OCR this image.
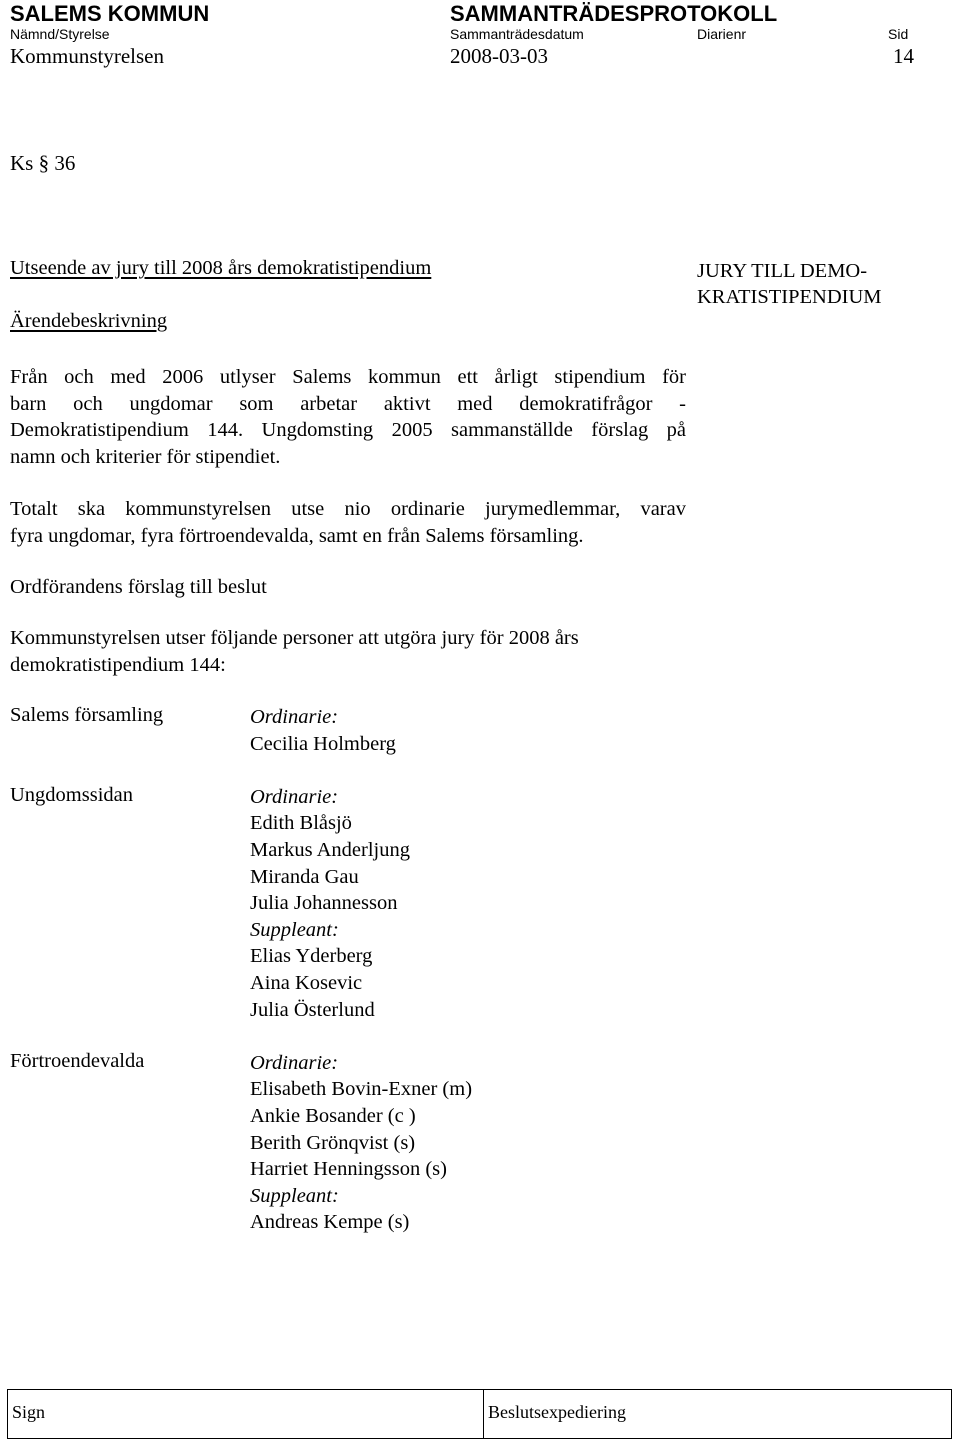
SALEMS KOMMUN	SAMMANTRÄDESPROTOKOLL
Nämnd/Styrelse	Sammanträdesdatum	Diarienr	Sid
Kommunstyrelsen	2008-03-03	14
Ks § 36
Utseende av jury till 2008 års demokratistipendium	JURY TILL DEMO-
KRATISTIPENDIUM
Ärendebeskrivning
Från och med 2006 utlyser Salems kommun ett årligt stipendium för
barn och ungdomar som arbetar aktivt med demokratifrågor -
Demokratistipendium 144. Ungdomsting 2005 sammanställde förslag på
namn och kriterier för stipendiet.
Totalt ska kommunstyrelsen utse nio ordinarie jurymedlemmar, varav
fyra ungdomar, fyra förtroendevalda, samt en från Salems församling.
Ordförandens förslag till beslut
Kommunstyrelsen utser följande personer att utgöra jury för 2008 års
demokratistipendium 144:
Salems församling	Ordinarie:
Cecilia Holmberg
Ungdomssidan	Ordinarie:
Edith Blåsjö
Markus Anderljung
Miranda Gau
Julia Johannesson
Suppleant:
Elias Yderberg
Aina Kosevic
Julia Österlund
Förtroendevalda	Ordinarie:
Elisabeth Bovin-Exner (m)
Ankie Bosander (c )
Berith Grönqvist (s)
Harriet Henningsson (s)
Suppleant:
Andreas Kempe (s)
Sign	Beslutsexpediering
